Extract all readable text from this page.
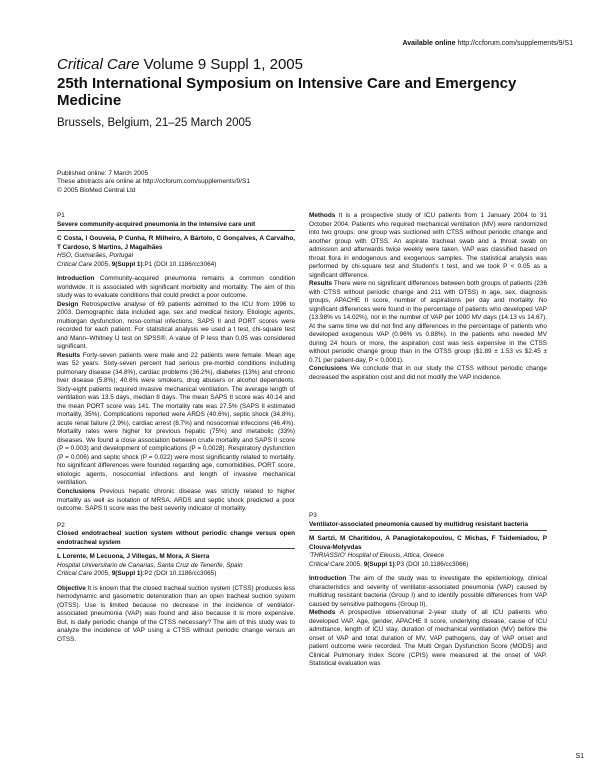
Available online http://ccforum.com/supplements/9/S1
Critical Care Volume 9 Suppl 1, 2005
25th International Symposium on Intensive Care and Emergency Medicine
Brussels, Belgium, 21–25 March 2005
Published online: 7 March 2005
These abstracts are online at http://ccforum.com/supplements/9/S1
© 2005 BioMed Central Ltd

P1

Severe community-acquired pneumonia in the intensive care unit

C Costa, I Gouveia, P Cunha, R Milheiro, A Bártolo, C Gonçalves, A Carvalho, T Cardoso, S Martins, J Magalhães

HSO, Guimarães, Portugal

Critical Care 2005, 9(Suppl 1):P1 (DOI 10.1186/cc3064)

Introduction Community-acquired pneumonia remains a common condition worldwide. It is associated with significant morbidity and mortality. The aim of this study was to evaluate conditions that could predict a poor outcome.

Design Retrospective analyse of 69 patients admitted to the ICU from 1996 to 2003. Demographic data included age, sex and medical history. Etiologic agents, multiorgan dysfunction, noso-comial infections, SAPS II and PORT scores were recorded for each patient. For statistical analysis we used a t test, chi-square test and Mann–Whitney U test on SPSS®. A value of P less than 0.05 was considered significant.

Results Forty-seven patients were male and 22 patients were female. Mean age was 52 years. Sixty-seven percent had serious pre-morbid conditions including pulmonary disease (34.8%), cardiac problems (36.2%), diabetes (13%) and chronic liver disease (5.8%); 40.6% were smokers, drug abusers or alcohol dependents. Sixty-eight patients required invasive mechanical ventilation. The average length of ventilation was 13.5 days, median 8 days. The mean SAPS II score was 40.14 and the mean PORT score was 141. The mortality rate was 27.5% (SAPS II estimated mortality, 35%). Complications reported were ARDS (40.6%), septic shock (34.8%), acute renal failure (2.9%), cardiac arrest (8.7%) and nosocomial infeccions (46.4%). Mortality rates were higher for previous hepatic (75%) and metabolic (33%) diseases. We found a close association between crude mortality and SAPS II score (P = 0.003) and development of complications (P = 0.0028). Respiratory dysfunction (P = 0.006) and septic shock (P = 0.022) were most significantly related to mortality. No significant differences were founded regarding age, comorbidities, PORT score, etiologic agents, nosocomial infections and length of invasive mechanical ventilation.

Conclusions Previous hepatic chronic disease was strictly related to higher mortality as well as isolation of MRSA. ARDS and septic shock predicted a poor outcome. SAPS II score was the best severity indicator of mortality.

P2

Closed endotracheal suction system without periodic change versus open endotracheal system

L Lorente, M Lecuona, J Villegas, M Mora, A Sierra

Hospital Universitario de Canarias, Santa Cruz de Tenerife, Spain

Critical Care 2005, 9(Suppl 1):P2 (DOI 10.1186/cc3065)

Objective It is known that the closed tracheal suction system (CTSS) produces less hemodynamic and gasometric deterioration than an open tracheal suction system (OTSS). Use is limited because no decrease in the incidence of ventilator-associated pneumonia (VAP) was found and also because it is more expensive. But, is daily periodic change of the CTSS necessary? The aim of this study was to analyze the incidence of VAP using a CTSS without periodic change versus an OTSS.

Methods It is a prospective study of ICU patients from 1 January 2004 to 31 October 2004. Patients who required mechanical ventilation (MV) were randomized into two groups: one group was suctioned with CTSS without periodic change and another group with OTSS. An aspirate tracheal swab and a throat swab on admission and afterwards twice weekly were taken. VAP was classified based on throat flora in endogenous and exogenous samples. The statistical analysis was performed by chi-square test and Student's t test, and we took P < 0.05 as a significant difference.

Results There were no significant differences between both groups of patients (236 with CTSS without periodic change and 211 with OTSS) in age, sex, diagnosis groups, APACHE II score, number of aspirations per day and mortality. No significant differences were found in the percentage of patients who developed VAP (13.98% vs 14.02%), nor in the number of VAP per 1000 MV days (14.13 vs 14.67). At the same time we did not find any differences in the percentage of patients who developed exogenous VAP (0.96% vs 0.88%). In the patients who needed MV during 24 hours or more, the aspiration cost was less expensive in the CTSS without periodic change group than in the OTSS group ($1.89 ± 1.53 vs $2.45 ± 0.71 per patient-day, P < 0.0001).

Conclusions We conclude that in our study the CTSS without periodic change decreased the aspiration cost and did not modify the VAP incidence.

P3

Ventilator-associated pneumonia caused by multidrug resistant bacteria

M Sartzi, M Charitidou, A Panagiotakopoulou, C Michas, F Tsidemiadou, P Clouva-Molyvdas

'THRIASSIO' Hospital of Eleusis, Attica, Greece

Critical Care 2005, 9(Suppl 1):P3 (DOI 10.1186/cc3066)

Introduction The aim of the study was to investigate the epidemiology, clinical characteristics and severity of ventilator-associated pneumonia (VAP) caused by multidrug resistant bacteria (Group I) and to identify possible differences from VAP caused by sensitive pathogens (Group II).

Methods A prospective observational 2-year study of all ICU patients who developed VAP. Age, gender, APACHE II score, underlying disease, cause of ICU admittance, length of ICU stay, duration of mechanical ventilation (MV) before the onset of VAP and total duration of MV, VAP pathogens, day of VAP onset and patient outcome were recorded. The Multi Organ Dysfunction Score (MODS) and Clinical Pulmonary Index Score (CPIS) were measured at the onset of VAP. Statistical evaluation was

S1
